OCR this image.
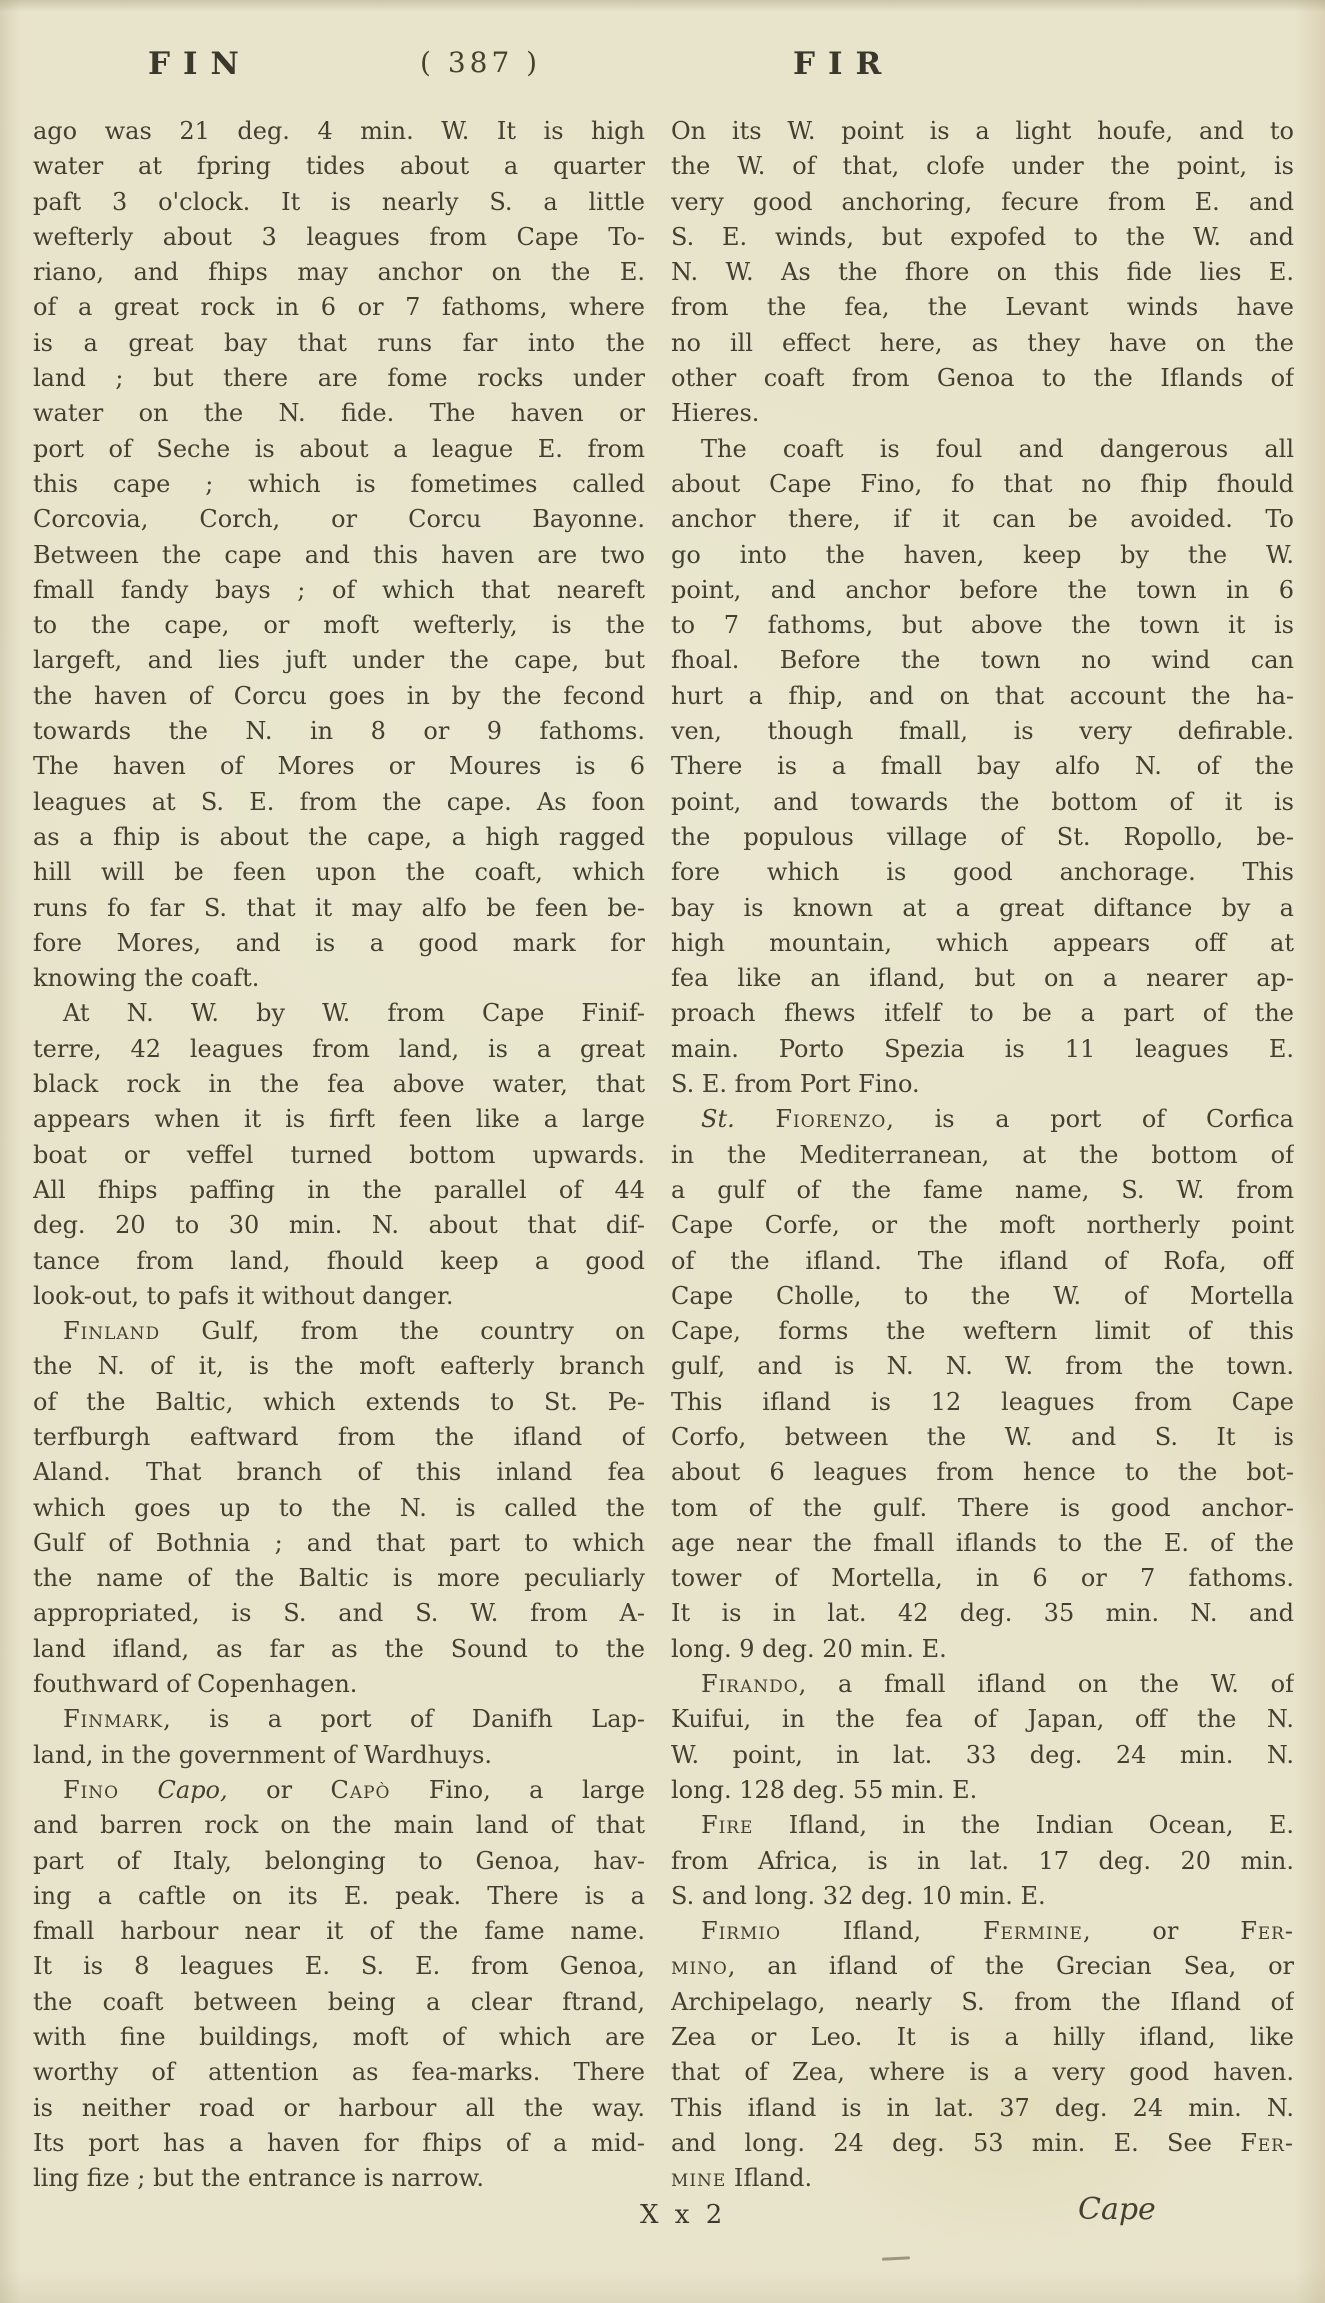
FIN	( 387 )	FIR
ago was 21 deg. 4 min. W. It is high
water at fpring tides about a quarter
paft 3 o'clock. It is nearly S. a little
wefterly about 3 leagues from Cape To-
riano, and fhips may anchor on the E.
of a great rock in 6 or 7 fathoms, where
is a great bay that runs far into the
land ; but there are fome rocks under
water on the N. fide. The haven or
port of Seche is about a league E. from
this cape ; which is fometimes called
Corcovia, Corch, or Corcu Bayonne.
Between the cape and this haven are two
fmall fandy bays ; of which that neareft
to the cape, or moft wefterly, is the
largeft, and lies juft under the cape, but
the haven of Corcu goes in by the fecond
towards the N. in 8 or 9 fathoms.
The haven of Mores or Moures is 6
leagues at S. E. from the cape. As foon
as a fhip is about the cape, a high ragged
hill will be feen upon the coaft, which
runs fo far S. that it may alfo be feen be-
fore Mores, and is a good mark for
knowing the coaft.
At N. W. by W. from Cape Finif-
terre, 42 leagues from land, is a great
black rock in the fea above water, that
appears when it is firft feen like a large
boat or veffel turned bottom upwards.
All fhips paffing in the parallel of 44
deg. 20 to 30 min. N. about that dif-
tance from land, fhould keep a good
look-out, to pafs it without danger.
Finland Gulf, from the country on
the N. of it, is the moft eafterly branch
of the Baltic, which extends to St. Pe-
terfburgh eaftward from the ifland of
Aland. That branch of this inland fea
which goes up to the N. is called the
Gulf of Bothnia ; and that part to which
the name of the Baltic is more peculiarly
appropriated, is S. and S. W. from A-
land ifland, as far as the Sound to the
fouthward of Copenhagen.
Finmark, is a port of Danifh Lap-
land, in the government of Wardhuys.
Fino Capo, or Capò Fino, a large
and barren rock on the main land of that
part of Italy, belonging to Genoa, hav-
ing a caftle on its E. peak. There is a
fmall harbour near it of the fame name.
It is 8 leagues E. S. E. from Genoa,
the coaft between being a clear ftrand,
with fine buildings, moft of which are
worthy of attention as fea-marks. There
is neither road or harbour all the way.
Its port has a haven for fhips of a mid-
ling fize ; but the entrance is narrow.
On its W. point is a light houfe, and to
the W. of that, clofe under the point, is
very good anchoring, fecure from E. and
S. E. winds, but expofed to the W. and
N. W. As the fhore on this fide lies E.
from the fea, the Levant winds have
no ill effect here, as they have on the
other coaft from Genoa to the Iflands of
Hieres.
The coaft is foul and dangerous all
about Cape Fino, fo that no fhip fhould
anchor there, if it can be avoided. To
go into the haven, keep by the W.
point, and anchor before the town in 6
to 7 fathoms, but above the town it is
fhoal. Before the town no wind can
hurt a fhip, and on that account the ha-
ven, though fmall, is very defirable.
There is a fmall bay alfo N. of the
point, and towards the bottom of it is
the populous village of St. Ropollo, be-
fore which is good anchorage. This
bay is known at a great diftance by a
high mountain, which appears off at
fea like an ifland, but on a nearer ap-
proach fhews itfelf to be a part of the
main. Porto Spezia is 11 leagues E.
S. E. from Port Fino.
St. Fiorenzo, is a port of Corfica
in the Mediterranean, at the bottom of
a gulf of the fame name, S. W. from
Cape Corfe, or the moft northerly point
of the ifland. The ifland of Rofa, off
Cape Cholle, to the W. of Mortella
Cape, forms the weftern limit of this
gulf, and is N. N. W. from the town.
This ifland is 12 leagues from Cape
Corfo, between the W. and S. It is
about 6 leagues from hence to the bot-
tom of the gulf. There is good anchor-
age near the fmall iflands to the E. of the
tower of Mortella, in 6 or 7 fathoms.
It is in lat. 42 deg. 35 min. N. and
long. 9 deg. 20 min. E.
Firando, a fmall ifland on the W. of
Kuifui, in the fea of Japan, off the N.
W. point, in lat. 33 deg. 24 min. N.
long. 128 deg. 55 min. E.
Fire Ifland, in the Indian Ocean, E.
from Africa, is in lat. 17 deg. 20 min.
S. and long. 32 deg. 10 min. E.
Firmio Ifland, Fermine, or Fer-
mino, an ifland of the Grecian Sea, or
Archipelago, nearly S. from the Ifland of
Zea or Leo. It is a hilly ifland, like
that of Zea, where is a very good haven.
This ifland is in lat. 37 deg. 24 min. N.
and long. 24 deg. 53 min. E. See Fer-
mine Ifland.
X x 2	Cape
